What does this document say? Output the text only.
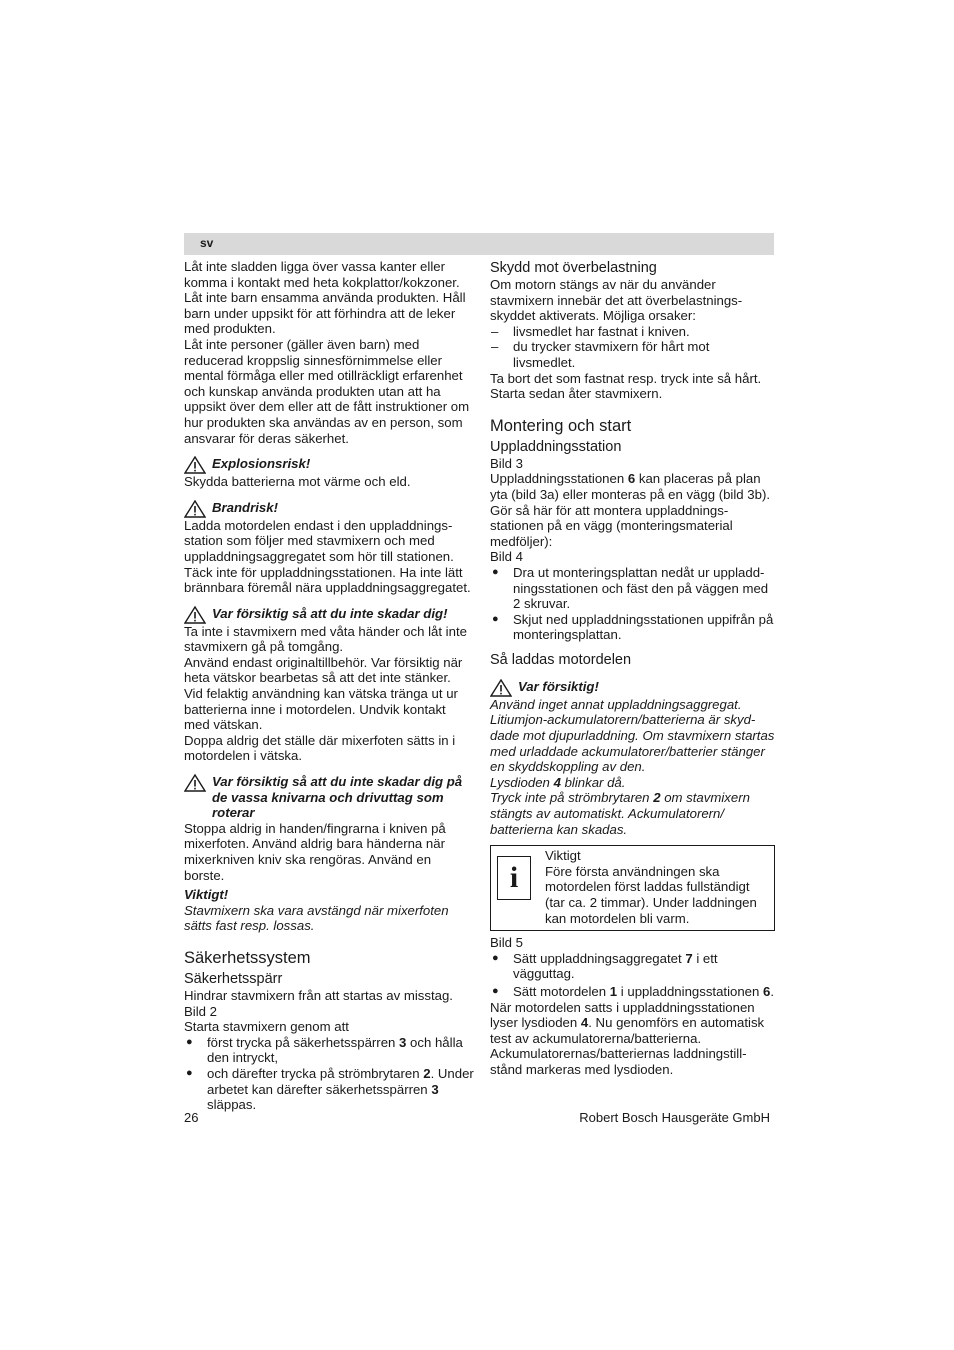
sv

Låt inte sladden ligga över vassa kanter eller komma i kontakt med heta kokplattor/kokzoner.

Låt inte barn ensamma använda produkten. Håll barn under uppsikt för att förhindra att de leker med produkten.

Låt inte personer (gäller även barn) med reducerad kroppslig sinnesförnimmelse eller mental förmåga eller med otillräckligt erfarenhet och kunskap använda produkten utan att ha uppsikt över dem eller att de fått instruktioner om hur produkten ska användas av en person, som ansvarar för deras säkerhet.

Explosionsrisk!

Skydda batterierna mot värme och eld.

Brandrisk!

Ladda motordelen endast i den uppladdnings-station som följer med stavmixern och med uppladdningsaggregatet som hör till stationen.

Täck inte för uppladdningsstationen. Ha inte lätt brännbara föremål nära uppladdningsaggregatet.

Var försiktig så att du inte skadar dig!

Ta inte i stavmixern med våta händer och låt inte stavmixern gå på tomgång.

Använd endast originaltillbehör. Var försiktig när heta vätskor bearbetas så att det inte stänker.

Vid felaktig användning kan vätska tränga ut ur batterierna inne i motordelen. Undvik kontakt med vätskan.

Doppa aldrig det ställe där mixerfoten sätts in i motordelen i vätska.

Var försiktig så att du inte skadar dig på de vassa knivarna och drivuttag som roterar

Stoppa aldrig in handen/fingrarna i kniven på mixerfoten. Använd aldrig bara händerna när mixerkniven kniv ska rengöras. Använd en borste.

Viktigt!

Stavmixern ska vara avstängd när mixerfoten sätts fast resp. lossas.

Säkerhetssystem
Säkerhetsspärr

Hindrar stavmixern från att startas av misstag.

Bild 2

Starta stavmixern genom att

● först trycka på säkerhetsspärren 3 och hålla den intryckt,
● och därefter trycka på strömbrytaren 2. Under arbetet kan därefter säkerhetsspärren 3 släppas.
Skydd mot överbelastning

Om motorn stängs av när du använder stavmixern innebär det att överbelastnings-skyddet aktiverats. Möjliga orsaker:

– livsmedlet har fastnat i kniven.
– du trycker stavmixern för hårt mot livsmedlet.

Ta bort det som fastnat resp. tryck inte så hårt. Starta sedan åter stavmixern.

Montering och start
Uppladdningsstation

Bild 3

Uppladdningsstationen 6 kan placeras på plan yta (bild 3a) eller monteras på en vägg (bild 3b).

Gör så här för att montera uppladdnings-stationen på en vägg (monteringsmaterial medföljer):

Bild 4

● Dra ut monteringsplattan nedåt ur uppladd-ningsstationen och fäst den på väggen med 2 skruvar.
● Skjut ned uppladdningsstationen uppifrån på monteringsplattan.
Så laddas motordelen
Var försiktig!

Använd inget annat uppladdningsaggregat.

Litiumjon-ackumulatorern/batterierna är skyd-dade mot djupurladdning. Om stavmixern startas med urladdade ackumulatorer/batterier stänger en skyddskoppling av den.

Lysdioden 4 blinkar då.

Tryck inte på strömbrytaren 2 om stavmixern stängts av automatiskt. Ackumulatorern/ batterierna kan skadas.

i
Viktigt
Före första användningen ska motordelen först laddas fullständigt (tar ca. 2 timmar). Under laddningen kan motordelen bli varm.

Bild 5

● Sätt uppladdningsaggregatet 7 i ett vägguttag.
● Sätt motordelen 1 i uppladdningsstationen 6.

När motordelen satts i uppladdningsstationen lyser lysdioden 4. Nu genomförs en automatisk test av ackumulatorerna/batterierna. Ackumulatorernas/batteriernas laddningstill-stånd markeras med lysdioden.

26	Robert Bosch Hausgeräte GmbH
